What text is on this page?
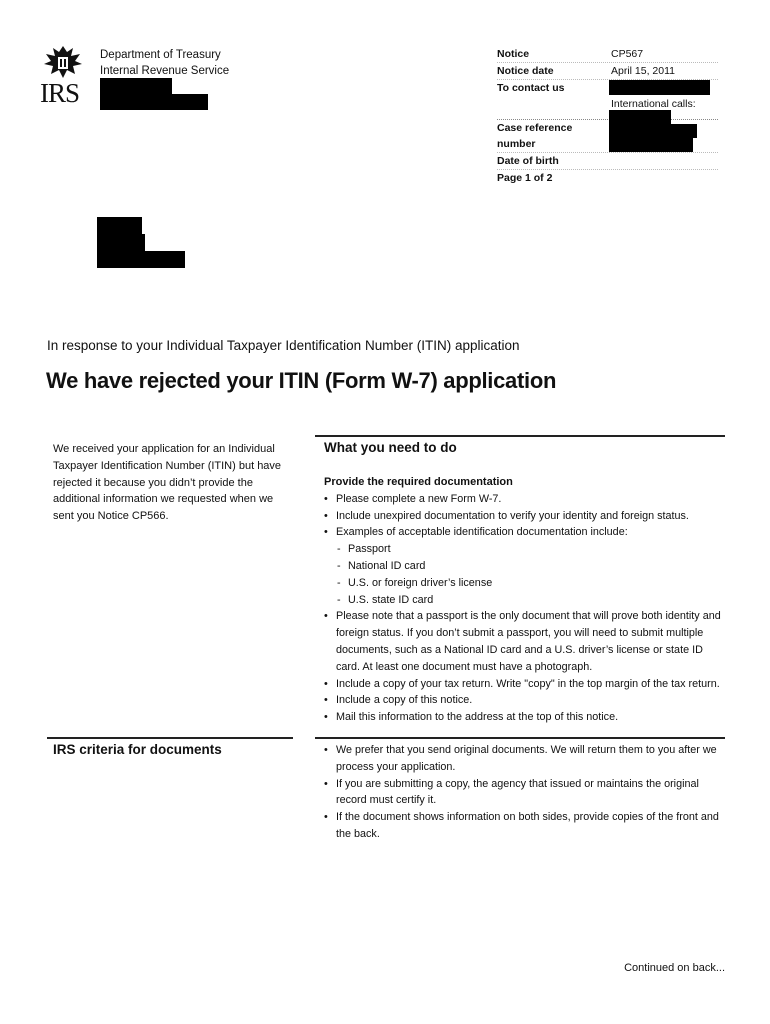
IRS
Department of Treasury
Internal Revenue Service
Notice	CP567
Notice date	April 15, 2011
To contact us
International calls:
Case reference number
Date of birth
Page 1 of 2
In response to your Individual Taxpayer Identification Number (ITIN) application
We have rejected your ITIN (Form W-7) application
We received your application for an Individual Taxpayer Identification Number (ITIN) but have rejected it because you didn’t provide the additional information we requested when we sent you Notice CP566.
What you need to do
Provide the required documentation
• Please complete a new Form W-7.
• Include unexpired documentation to verify your identity and foreign status.
• Examples of acceptable identification documentation include:
- Passport
- National ID card
- U.S. or foreign driver’s license
- U.S. state ID card
• Please note that a passport is the only document that will prove both identity and foreign status. If you don’t submit a passport, you will need to submit multiple documents, such as a National ID card and a U.S. driver’s license or state ID card. At least one document must have a photograph.
• Include a copy of your tax return. Write "copy" in the top margin of the tax return.
• Include a copy of this notice.
• Mail this information to the address at the top of this notice.
IRS criteria for documents
•	We prefer that you send original documents. We will return them to you after we process your application.
• If you are submitting a copy, the agency that issued or maintains the original record must certify it.
• If the document shows information on both sides, provide copies of the front and the back.
Continued on back...
